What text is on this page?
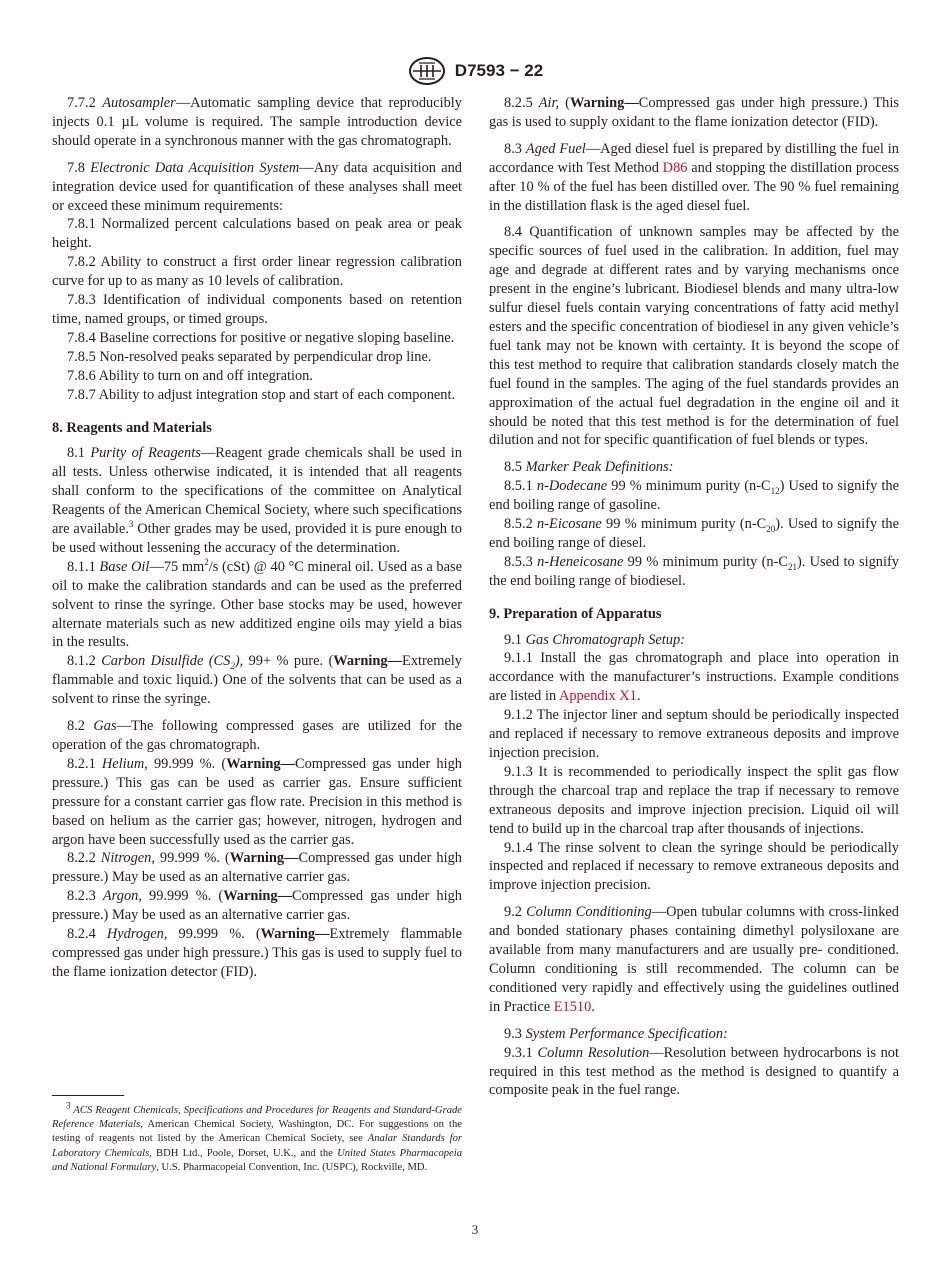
D7593 − 22

7.7.2 Autosampler—Automatic sampling device that reproducibly injects 0.1 µL volume is required. The sample introduction device should operate in a synchronous manner with the gas chromatograph.

7.8 Electronic Data Acquisition System—Any data acquisition and integration device used for quantification of these analyses shall meet or exceed these minimum requirements:

7.8.1 Normalized percent calculations based on peak area or peak height.

7.8.2 Ability to construct a first order linear regression calibration curve for up to as many as 10 levels of calibration.

7.8.3 Identification of individual components based on retention time, named groups, or timed groups.

7.8.4 Baseline corrections for positive or negative sloping baseline.

7.8.5 Non-resolved peaks separated by perpendicular drop line.

7.8.6 Ability to turn on and off integration.

7.8.7 Ability to adjust integration stop and start of each component.

8. Reagents and Materials

8.1 Purity of Reagents—Reagent grade chemicals shall be used in all tests. Unless otherwise indicated, it is intended that all reagents shall conform to the specifications of the committee on Analytical Reagents of the American Chemical Society, where such specifications are available.$^3$ Other grades may be used, provided it is pure enough to be used without lessening the accuracy of the determination.

8.1.1 Base Oil—75 $mm^2/s$ (cSt) @ 40 °C mineral oil. Used as a base oil to make the calibration standards and can be used as the preferred solvent to rinse the syringe. Other base stocks may be used, however alternate materials such as new additized engine oils may yield a bias in the results.

8.1.2 Carbon Disulfide $(CS_2)$, 99+ % pure. (Warning—Extremely flammable and toxic liquid.) One of the solvents that can be used as a solvent to rinse the syringe.

8.2 Gas—The following compressed gases are utilized for the operation of the gas chromatograph.

8.2.1 Helium, 99.999 %. (Warning—Compressed gas under high pressure.) This gas can be used as carrier gas. Ensure sufficient pressure for a constant carrier gas flow rate. Precision in this method is based on helium as the carrier gas; however, nitrogen, hydrogen and argon have been successfully used as the carrier gas.

8.2.2 Nitrogen, 99.999 %. (Warning—Compressed gas under high pressure.) May be used as an alternative carrier gas.

8.2.3 Argon, 99.999 %. (Warning—Compressed gas under high pressure.) May be used as an alternative carrier gas.

8.2.4 Hydrogen, 99.999 %. (Warning—Extremely flammable compressed gas under high pressure.) This gas is used to supply fuel to the flame ionization detector (FID).

8.2.5 Air, (Warning—Compressed gas under high pressure.) This gas is used to supply oxidant to the flame ionization detector (FID).

8.3 Aged Fuel—Aged diesel fuel is prepared by distilling the fuel in accordance with Test Method D86 and stopping the distillation process after 10 % of the fuel has been distilled over. The 90 % fuel remaining in the distillation flask is the aged diesel fuel.

8.4 Quantification of unknown samples may be affected by the specific sources of fuel used in the calibration. In addition, fuel may age and degrade at different rates and by varying mechanisms once present in the engine’s lubricant. Biodiesel blends and many ultra-low sulfur diesel fuels contain varying concentrations of fatty acid methyl esters and the specific concentration of biodiesel in any given vehicle’s fuel tank may not be known with certainty. It is beyond the scope of this test method to require that calibration standards closely match the fuel found in the samples. The aging of the fuel standards provides an approximation of the actual fuel degradation in the engine oil and it should be noted that this test method is for the determination of fuel dilution and not for specific quantification of fuel blends or types.

8.5 Marker Peak Definitions:

8.5.1 n-Dodecane 99 % minimum purity $(n-C_{12})$ Used to signify the end boiling range of gasoline.

8.5.2 n-Eicosane 99 % minimum purity $(n-C_{20})$. Used to signify the end boiling range of diesel.

8.5.3 n-Heneicosane 99 % minimum purity $(n-C_{21})$. Used to signify the end boiling range of biodiesel.

9. Preparation of Apparatus

9.1 Gas Chromatograph Setup:

9.1.1 Install the gas chromatograph and place into operation in accordance with the manufacturer’s instructions. Example conditions are listed in Appendix X1.

9.1.2 The injector liner and septum should be periodically inspected and replaced if necessary to remove extraneous deposits and improve injection precision.

9.1.3 It is recommended to periodically inspect the split gas flow through the charcoal trap and replace the trap if necessary to remove extraneous deposits and improve injection precision. Liquid oil will tend to build up in the charcoal trap after thousands of injections.

9.1.4 The rinse solvent to clean the syringe should be periodically inspected and replaced if necessary to remove extraneous deposits and improve injection precision.

9.2 Column Conditioning—Open tubular columns with cross-linked and bonded stationary phases containing dimethyl polysiloxane are available from many manufacturers and are usually pre- conditioned. Column conditioning is still recommended. The column can be conditioned very rapidly and effectively using the guidelines outlined in Practice E1510.

9.3 System Performance Specification:

9.3.1 Column Resolution—Resolution between hydrocarbons is not required in this test method as the method is designed to quantify a composite peak in the fuel range.

$^3$ ACS Reagent Chemicals, Specifications and Procedures for Reagents and Standard-Grade Reference Materials, American Chemical Society, Washington, DC. For suggestions on the testing of reagents not listed by the American Chemical Society, see Analar Standards for Laboratory Chemicals, BDH Ltd., Poole, Dorset, U.K., and the United States Pharmacopeia and National Formulary, U.S. Pharmacopeial Convention, Inc. (USPC), Rockville, MD.

3
